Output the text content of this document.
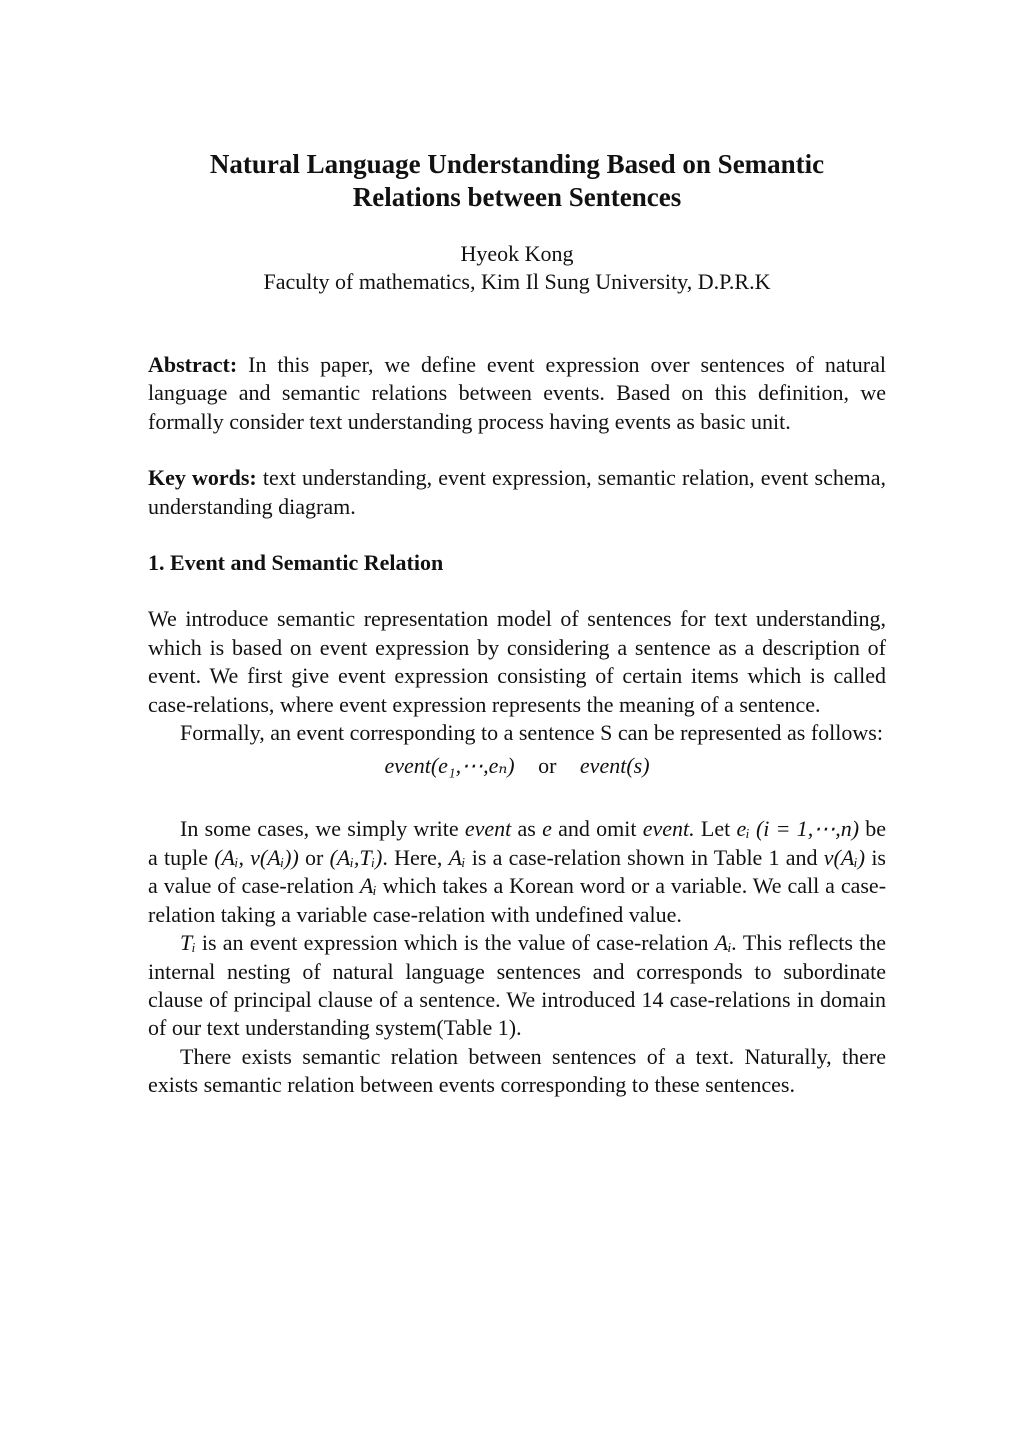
Natural Language Understanding Based on Semantic
Relations between Sentences

Hyeok Kong

Faculty of mathematics, Kim Il Sung University, D.P.R.K

Abstract: In this paper, we define event expression over sentences of natural language and semantic relations between events. Based on this definition, we formally consider text understanding process having events as basic unit.

Key words: text understanding, event expression, semantic relation, event schema, understanding diagram.

1. Event and Semantic Relation

We introduce semantic representation model of sentences for text understanding, which is based on event expression by considering a sentence as a description of event. We first give event expression consisting of certain items which is called case-relations, where event expression represents the meaning of a sentence.

Formally, an event corresponding to a sentence S can be represented as follows:

event(e₁,⋯,eₙ) or event(s)

In some cases, we simply write event as e and omit event. Let eᵢ (i = 1,⋯,n) be a tuple (Aᵢ, v(Aᵢ)) or (Aᵢ,Tᵢ). Here, Aᵢ is a case-relation shown in Table 1 and v(Aᵢ) is a value of case-relation Aᵢ which takes a Korean word or a variable. We call a case-relation taking a variable case-relation with undefined value.

Tᵢ is an event expression which is the value of case-relation Aᵢ. This reflects the internal nesting of natural language sentences and corresponds to subordinate clause of principal clause of a sentence. We introduced 14 case-relations in domain of our text understanding system(Table 1).

There exists semantic relation between sentences of a text. Naturally, there exists semantic relation between events corresponding to these sentences.
